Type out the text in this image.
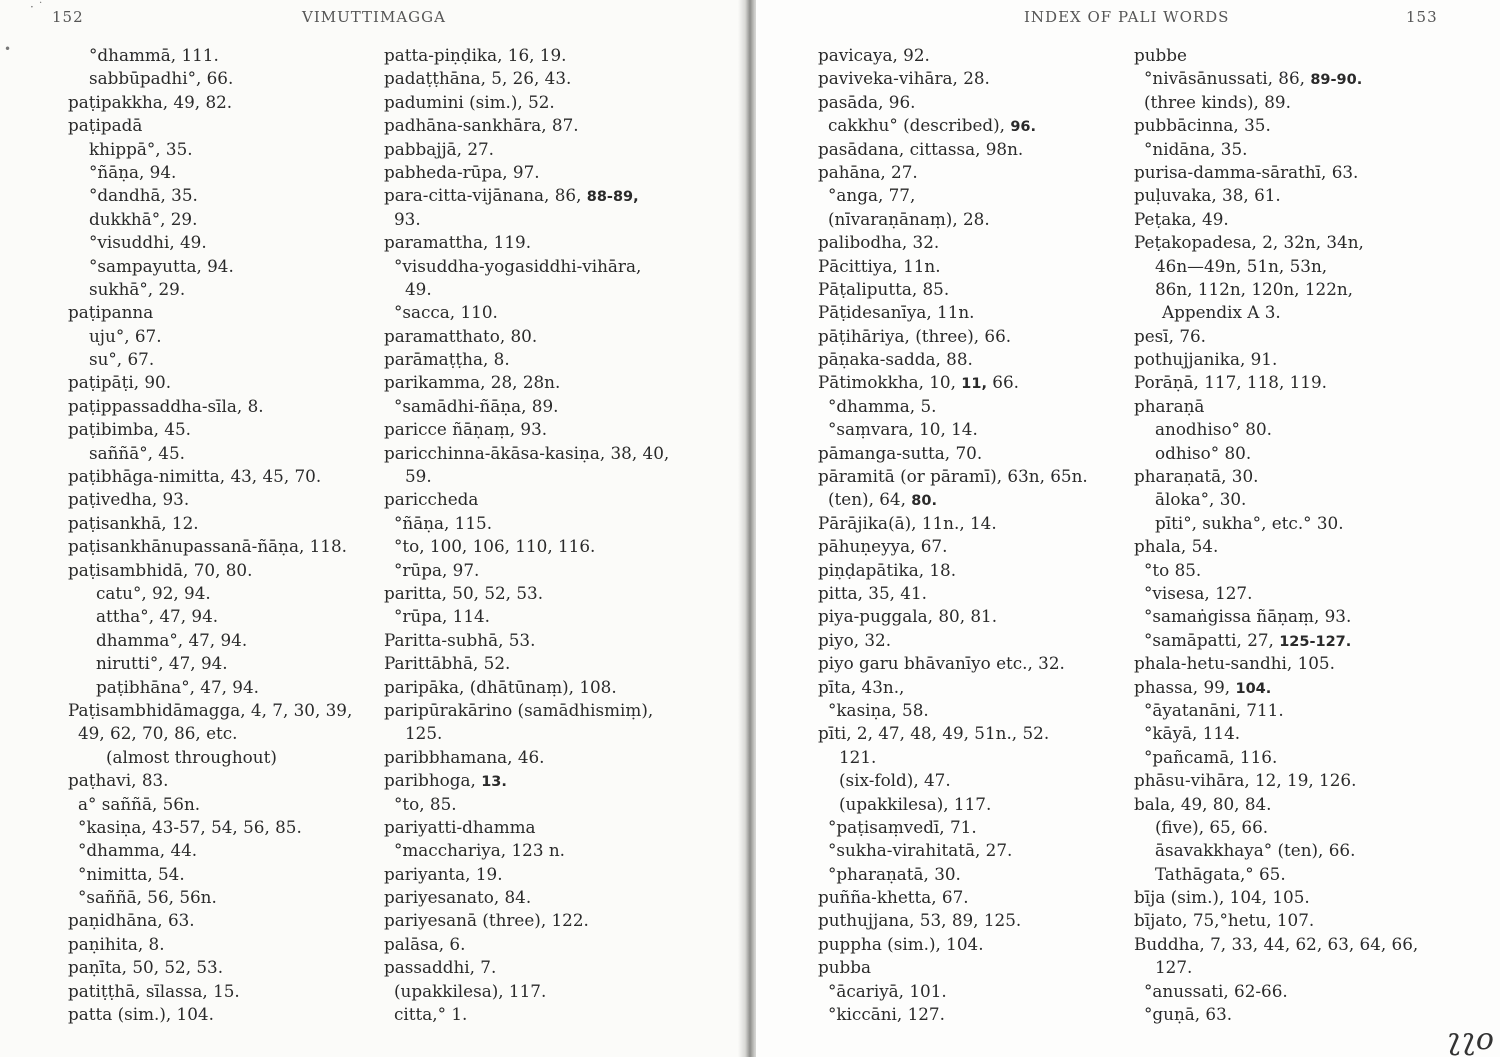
152	VIMUTTIMAGGA
· ˙
•	°dhammā, 111.
sabbūpadhi°, 66.
paṭipakkha, 49, 82.
paṭipadā
khippā°, 35.
°ñāṇa, 94.
°dandhā, 35.
dukkhā°, 29.
°visuddhi, 49.
°sampayutta, 94.
sukhā°, 29.
paṭipanna
uju°, 67.
su°, 67.
paṭipāṭi, 90.
paṭippassaddha-sīla, 8.
paṭibimba, 45.
saññā°, 45.
paṭibhāga-nimitta, 43, 45, 70.
paṭivedha, 93.
paṭisankhā, 12.
paṭisankhānupassanā-ñāṇa, 118.
paṭisambhidā, 70, 80.
catu°, 92, 94.
attha°, 47, 94.
dhamma°, 47, 94.
nirutti°, 47, 94.
paṭibhāna°, 47, 94.
Paṭisambhidāmagga, 4, 7, 30, 39,
49, 62, 70, 86, etc.
(almost throughout)
paṭhavi, 83.
a° saññā, 56n.
°kasiṇa, 43-57, 54, 56, 85.
°dhamma, 44.
°nimitta, 54.
°saññā, 56, 56n.
paṇidhāna, 63.
paṇihita, 8.
paṇīta, 50, 52, 53.
patiṭṭhā, sīlassa, 15.
patta (sim.), 104.
patta-piṇḍika, 16, 19.
padaṭṭhāna, 5, 26, 43.
padumini (sim.), 52.
padhāna-sankhāra, 87.
pabbajjā, 27.
pabheda-rūpa, 97.
para-citta-vijānana, 86, 88-89,
93.
paramattha, 119.
°visuddha-yogasiddhi-vihāra,
49.
°sacca, 110.
paramatthato, 80.
parāmaṭṭha, 8.
parikamma, 28, 28n.
°samādhi-ñāṇa, 89.
paricce ñāṇaṃ, 93.
paricchinna-ākāsa-kasiṇa, 38, 40,
59.
pariccheda
°ñāṇa, 115.
°to, 100, 106, 110, 116.
°rūpa, 97.
paritta, 50, 52, 53.
°rūpa, 114.
Paritta-subhā, 53.
Parittābhā, 52.
paripāka, (dhātūnaṃ), 108.
paripūrakārino (samādhismiṃ),
125.
paribbhamana, 46.
paribhoga, 13.
°to, 85.
pariyatti-dhamma
°macchariya, 123 n.
pariyanta, 19.
pariyesanato, 84.
pariyesanā (three), 122.
palāsa, 6.
passaddhi, 7.
(upakkilesa), 117.
citta,° 1.
INDEX OF PALI WORDS	153
pavicaya, 92.
paviveka-vihāra, 28.
pasāda, 96.
cakkhu° (described), 96.
pasādana, cittassa, 98n.
pahāna, 27.
°anga, 77,
(nīvaraṇānaṃ), 28.
palibodha, 32.
Pācittiya, 11n.
Pāṭaliputta, 85.
Pāṭidesanīya, 11n.
pāṭihāriya, (three), 66.
pāṇaka-sadda, 88.
Pātimokkha, 10, 11, 66.
°dhamma, 5.
°saṃvara, 10, 14.
pāmanga-sutta, 70.
pāramitā (or pāramī), 63n, 65n.
(ten), 64, 80.
Pārājika(ā), 11n., 14.
pāhuṇeyya, 67.
piṇḍapātika, 18.
pitta, 35, 41.
piya-puggala, 80, 81.
piyo, 32.
piyo garu bhāvanīyo etc., 32.
pīta, 43n.,
°kasiṇa, 58.
pīti, 2, 47, 48, 49, 51n., 52.
121.
(six-fold), 47.
(upakkilesa), 117.
°paṭisaṃvedī, 71.
°sukha-virahitatā, 27.
°pharaṇatā, 30.
puñña-khetta, 67.
puthujjana, 53, 89, 125.
puppha (sim.), 104.
pubba
°ācariyā, 101.
°kiccāni, 127.
pubbe
°nivāsānussati, 86, 89-90.
(three kinds), 89.
pubbācinna, 35.
°nidāna, 35.
purisa-damma-sārathī, 63.
puḷuvaka, 38, 61.
Peṭaka, 49.
Peṭakopadesa, 2, 32n, 34n,
46n—49n, 51n, 53n,
86n, 112n, 120n, 122n,
Appendix A 3.
pesī, 76.
pothujjanika, 91.
Porāṇā, 117, 118, 119.
pharaṇā
anodhiso° 80.
odhiso° 80.
pharaṇatā, 30.
āloka°, 30.
pīti°, sukha°, etc.° 30.
phala, 54.
°to 85.
°visesa, 127.
°samaṅgissa ñāṇaṃ, 93.
°samāpatti, 27, 125-127.
phala-hetu-sandhi, 105.
phassa, 99, 104.
°āyatanāni, 711.
°kāyā, 114.
°pañcamā, 116.
phāsu-vihāra, 12, 19, 126.
bala, 49, 80, 84.
(five), 65, 66.
āsavakkhaya° (ten), 66.
Tathāgata,° 65.
bīja (sim.), 104, 105.
bījato, 75,°hetu, 107.
Buddha, 7, 33, 44, 62, 63, 64, 66,
127.
°anussati, 62-66.
°guṇā, 63.
ʅʅo
